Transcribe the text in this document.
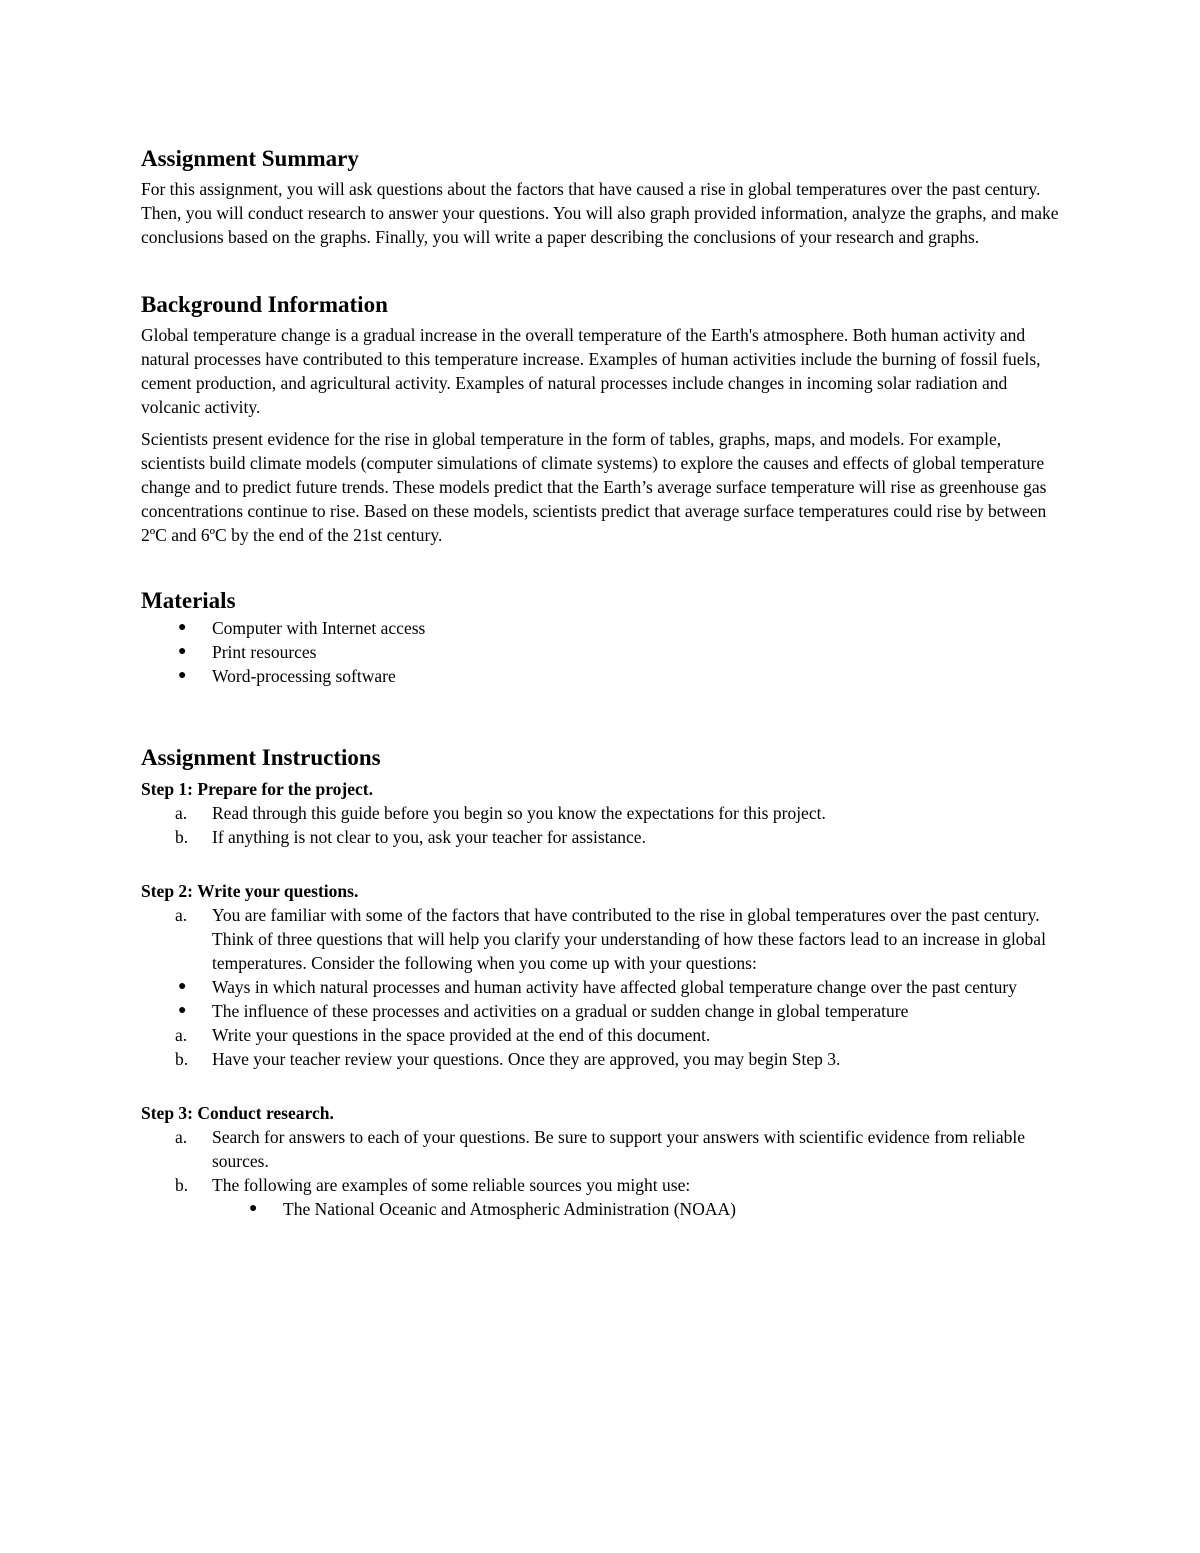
Assignment Summary

For this assignment, you will ask questions about the factors that have caused a rise in global temperatures over the past century. Then, you will conduct research to answer your questions. You will also graph provided information, analyze the graphs, and make conclusions based on the graphs. Finally, you will write a paper describing the conclusions of your research and graphs.

Background Information

Global temperature change is a gradual increase in the overall temperature of the Earth's atmosphere. Both human activity and natural processes have contributed to this temperature increase. Examples of human activities include the burning of fossil fuels, cement production, and agricultural activity. Examples of natural processes include changes in incoming solar radiation and volcanic activity.

Scientists present evidence for the rise in global temperature in the form of tables, graphs, maps, and models. For example, scientists build climate models (computer simulations of climate systems) to explore the causes and effects of global temperature change and to predict future trends. These models predict that the Earth’s average surface temperature will rise as greenhouse gas concentrations continue to rise. Based on these models, scientists predict that average surface temperatures could rise by between 2ºC and 6ºC by the end of the 21st century.

Materials
●	Computer with Internet access
●	Print resources
●	Word-processing software
Assignment Instructions
Step 1: Prepare for the project.
a.	Read through this guide before you begin so you know the expectations for this project.
b.	If anything is not clear to you, ask your teacher for assistance.
Step 2: Write your questions.
a.	You are familiar with some of the factors that have contributed to the rise in global temperatures over the past century. Think of three questions that will help you clarify your understanding of how these factors lead to an increase in global temperatures. Consider the following when you come up with your questions:
●	Ways in which natural processes and human activity have affected global temperature change over the past century
●	The influence of these processes and activities on a gradual or sudden change in global temperature
a.	Write your questions in the space provided at the end of this document.
b.	Have your teacher review your questions. Once they are approved, you may begin Step 3.
Step 3: Conduct research.
a.	Search for answers to each of your questions. Be sure to support your answers with scientific evidence from reliable sources.
b.	The following are examples of some reliable sources you might use:
●	The National Oceanic and Atmospheric Administration (NOAA)
